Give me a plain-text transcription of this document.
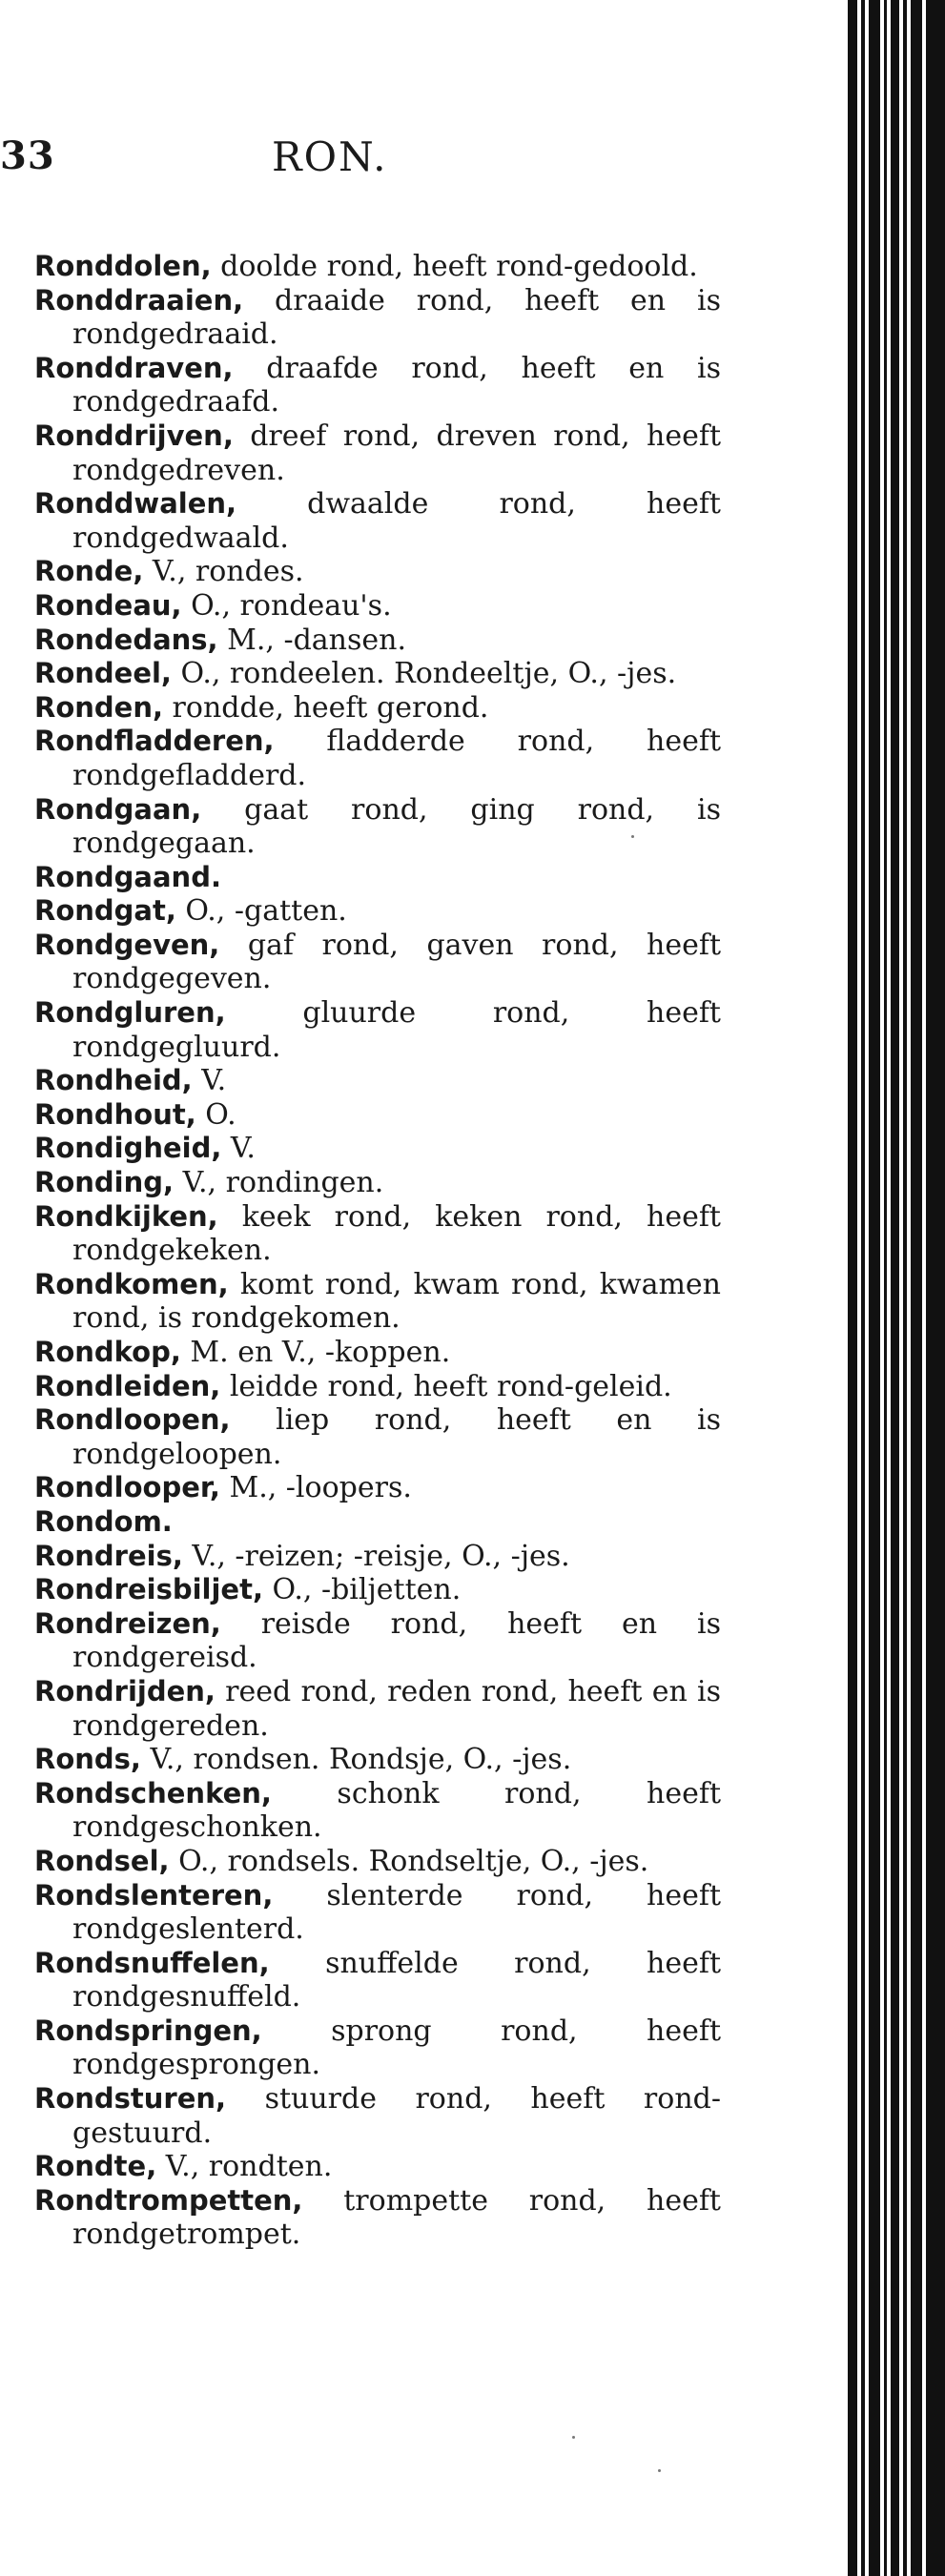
33	RON.
Ronddolen, doolde rond, heeft rond-gedoold.
Ronddraaien, draaide rond, heeft en is rondgedraaid.
Ronddraven, draafde rond, heeft en is rondgedraafd.
Ronddrijven, dreef rond, dreven rond, heeft rondgedreven.
Ronddwalen, dwaalde rond, heeft rondgedwaald.
Ronde, V., rondes.
Rondeau, O., rondeau's.
Rondedans, M., -dansen.
Rondeel, O., rondeelen. Rondeeltje, O., -jes.
Ronden, rondde, heeft gerond.
Rondfladderen, fladderde rond, heeft rondgefladderd.
Rondgaan, gaat rond, ging rond, is rondgegaan.
Rondgaand.
Rondgat, O., -gatten.
Rondgeven, gaf rond, gaven rond, heeft rondgegeven.
Rondgluren, gluurde rond, heeft rondgegluurd.
Rondheid, V.
Rondhout, O.
Rondigheid, V.
Ronding, V., rondingen.
Rondkijken, keek rond, keken rond, heeft rondgekeken.
Rondkomen, komt rond, kwam rond, kwamen rond, is rondgekomen.
Rondkop, M. en V., -koppen.
Rondleiden, leidde rond, heeft rond-geleid.
Rondloopen, liep rond, heeft en is rondgeloopen.
Rondlooper, M., -loopers.
Rondom.
Rondreis, V., -reizen; -reisje, O., -jes.
Rondreisbiljet, O., -biljetten.
Rondreizen, reisde rond, heeft en is rondgereisd.
Rondrijden, reed rond, reden rond, heeft en is rondgereden.
Ronds, V., rondsen. Rondsje, O., -jes.
Rondschenken, schonk rond, heeft rondgeschonken.
Rondsel, O., rondsels. Rondseltje, O., -jes.
Rondslenteren, slenterde rond, heeft rondgeslenterd.
Rondsnuffelen, snuffelde rond, heeft rondgesnuffeld.
Rondspringen, sprong rond, heeft rondgesprongen.
Rondsturen, stuurde rond, heeft rond-gestuurd.
Rondte, V., rondten.
Rondtrompetten, trompette rond, heeft rondgetrompet.
